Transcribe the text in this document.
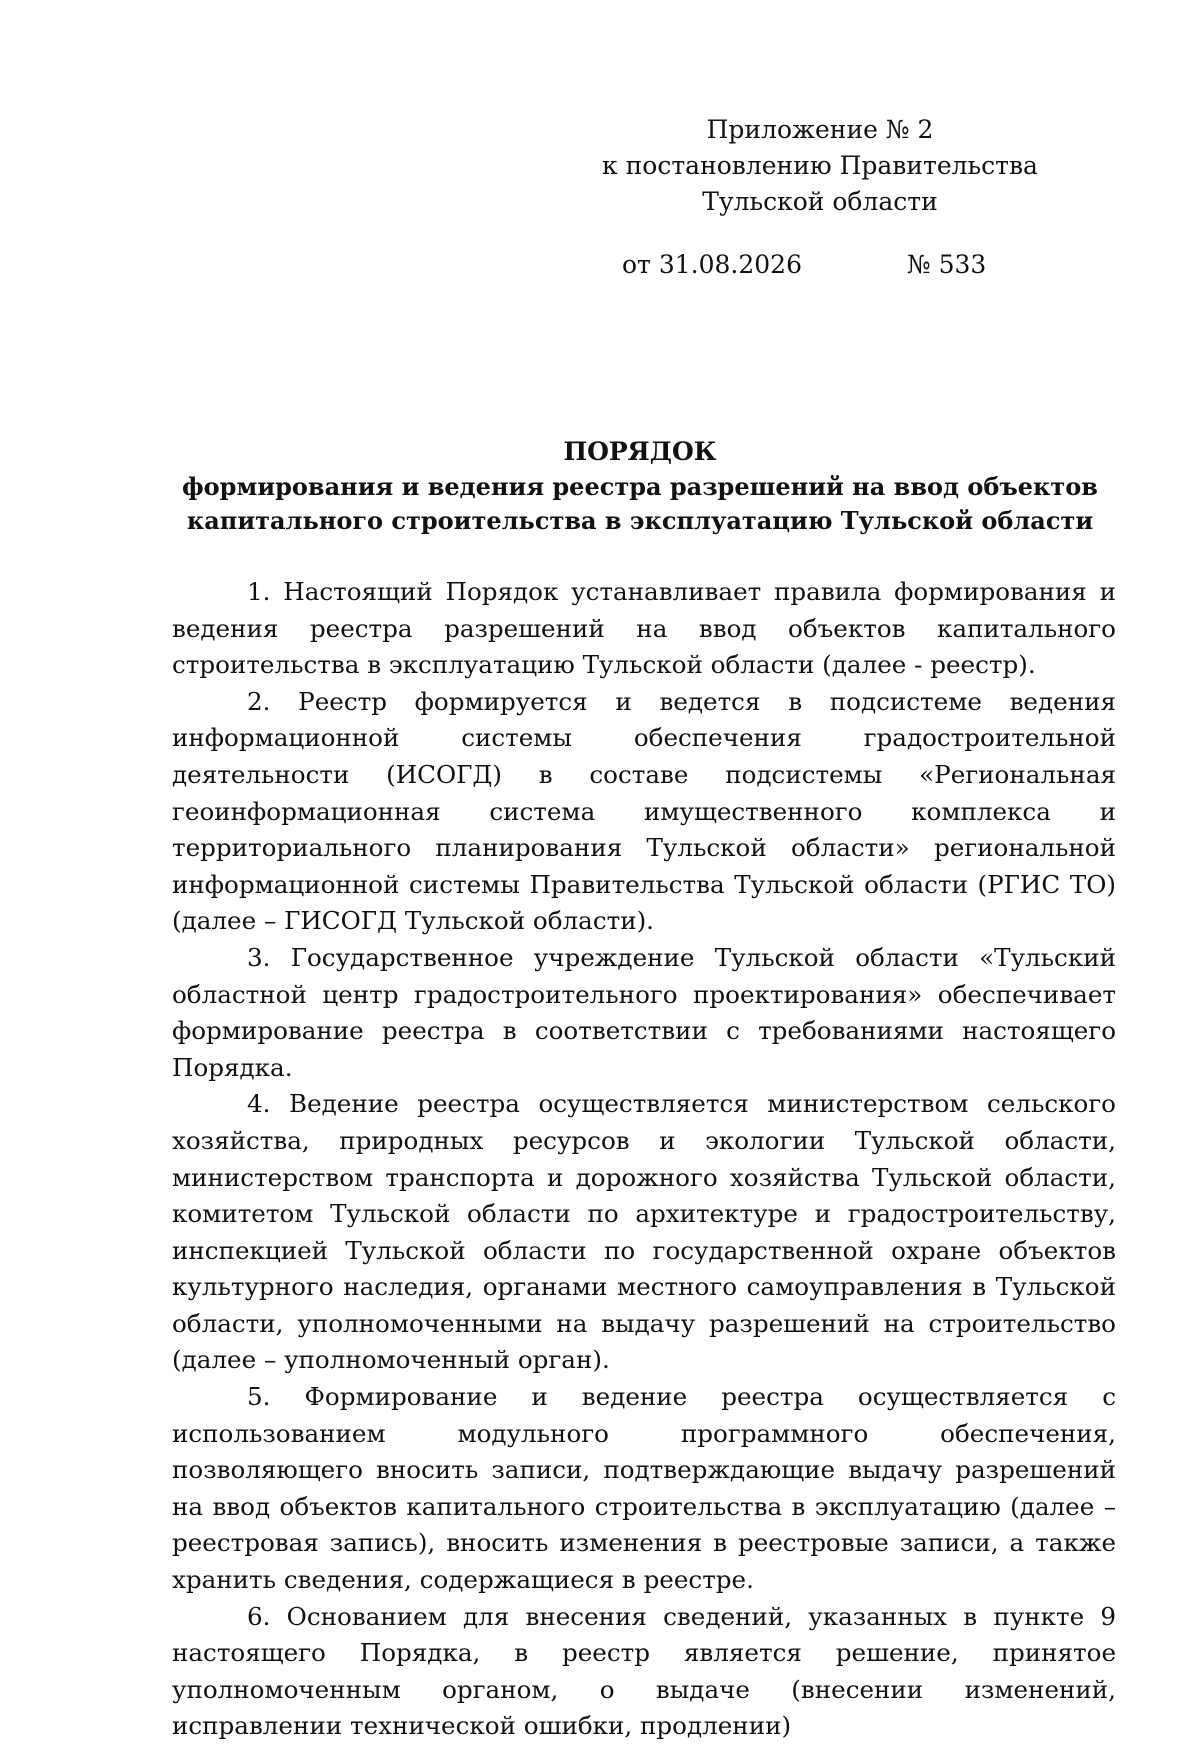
Приложение № 2
к постановлению Правительства
Тульской области
от 31.08.2026	№ 533
ПОРЯДОК
формирования и ведения реестра разрешений на ввод объектов
капитального строительства в эксплуатацию Тульской области

1. Настоящий Порядок устанавливает правила формирования и ведения реестра разрешений на ввод объектов капитального строительства в эксплуатацию Тульской области (далее - реестр).

2. Реестр формируется и ведется в подсистеме ведения информационной системы обеспечения градостроительной деятельности (ИСОГД) в составе подсистемы «Региональная геоинформационная система имущественного комплекса и территориального планирования Тульской области» региональной информационной системы Правительства Тульской области (РГИС ТО) (далее – ГИСОГД Тульской области).

3. Государственное учреждение Тульской области «Тульский областной центр градостроительного проектирования» обеспечивает формирование реестра в соответствии с требованиями настоящего Порядка.

4. Ведение реестра осуществляется министерством сельского хозяйства, природных ресурсов и экологии Тульской области, министерством транспорта и дорожного хозяйства Тульской области, комитетом Тульской области по архитектуре и градостроительству, инспекцией Тульской области по государственной охране объектов культурного наследия, органами местного самоуправления в Тульской области, уполномоченными на выдачу разрешений на строительство (далее – уполномоченный орган).

5. Формирование и ведение реестра осуществляется с использованием модульного программного обеспечения, позволяющего вносить записи, подтверждающие выдачу разрешений на ввод объектов капитального строительства в эксплуатацию (далее – реестровая запись), вносить изменения в реестровые записи, а также хранить сведения, содержащиеся в реестре.

6. Основанием для внесения сведений, указанных в пункте 9 настоящего Порядка, в реестр является решение, принятое уполномоченным органом, о выдаче (внесении изменений, исправлении технической ошибки, продлении)
